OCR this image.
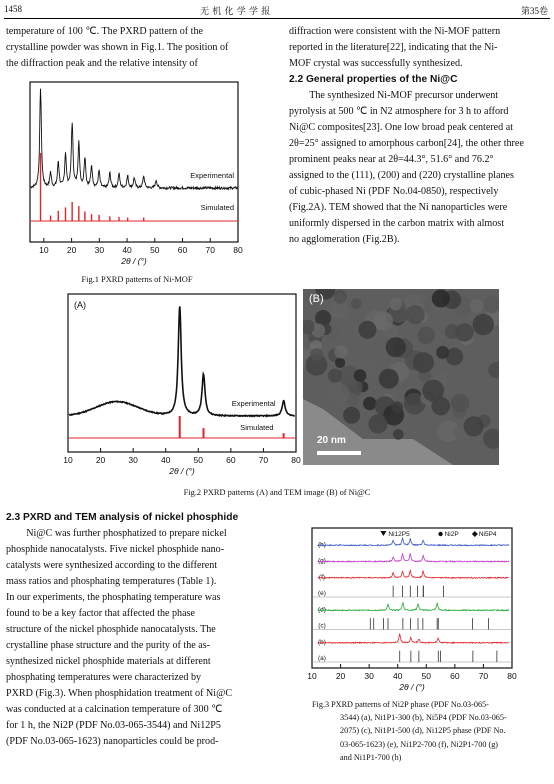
1458	无 机 化 学 学 报	第35卷

temperature of 100 ℃. The PXRD pattern of the

crystalline powder was shown in Fig.1. The position of

the diffraction peak and the relative intensity of

10 20 30 40 50 60 70 80
2θ / (°)
Experimental
Simulated
Fig.1 PXRD patterns of Ni-MOF

diffraction were consistent with the Ni-MOF pattern

reported in the literature[22], indicating that the Ni-

MOF crystal was successfully synthesized.

2.2 General properties of the Ni@C

The synthesized Ni-MOF precursor underwent

pyrolysis at 500 ℃ in N2 atmosphere for 3 h to afford

Ni@C composites[23]. One low broad peak centered at

2θ=25° assigned to amorphous carbon[24], the other three

prominent peaks near at 2θ=44.3°, 51.6° and 76.2°

assigned to the (111), (200) and (220) crystalline planes

of cubic-phased Ni (PDF No.04-0850), respectively

(Fig.2A). TEM showed that the Ni nanoparticles were

uniformly dispersed in the carbon matrix with almost

no agglomeration (Fig.2B).

10	20	30	40	50	60	70	80
2θ / (°)
(A)
Experimental
Simulated
(B)
20 nm
Fig.2 PXRD patterns (A) and TEM image (B) of Ni@C
2.3 PXRD and TEM analysis of nickel phosphide

Ni@C was further phosphatized to prepare nickel

phosphide nanocatalysts. Five nickel phosphide nano-

catalysts were synthesized according to the different

mass ratios and phosphating temperatures (Table 1).

In our experiments, the phosphating temperature was

found to be a key factor that affected the phase

structure of the nickel phosphide nanocatalysts. The

crystalline phase structure and the purity of the as-

synthesized nickel phosphide materials at different

phosphating temperatures were characterized by

PXRD (Fig.3). When phosphidation treatment of Ni@C

was conducted at a calcination temperature of 300 ℃

for 1 h, the Ni2P (PDF No.03-065-3544) and Ni12P5

(PDF No.03-065-1623) nanoparticles could be prod-

10 20 30 40 50 60 70 80
2θ / (°)
(a)
(b)
(c)
(d)
(e)
(f)
(g)
(h)
Ni12P5	Ni2P	Ni5P4
Fig.3 PXRD patterns of Ni2P phase (PDF No.03-065-
3544) (a), Ni1P1-300 (b), Ni5P4 (PDF No.03-065-
2075) (c), Ni1P1-500 (d), Ni12P5 phase (PDF No.
03-065-1623) (e), Ni1P2-700 (f), Ni2P1-700 (g)
and Ni1P1-700 (h)
